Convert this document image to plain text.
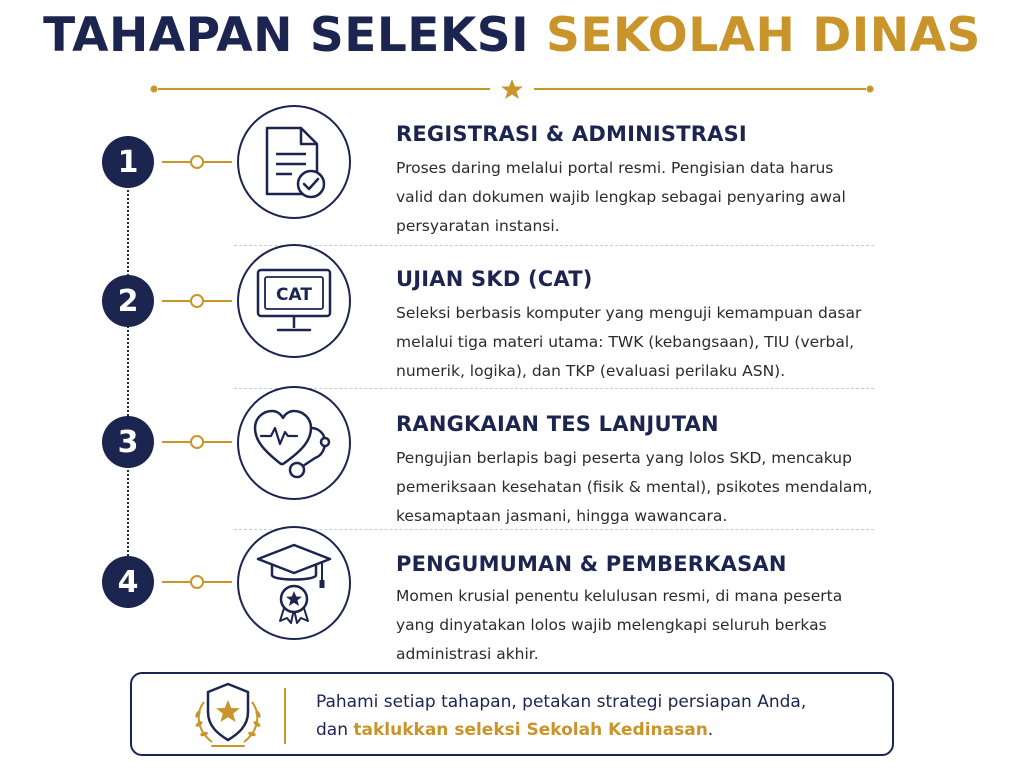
TAHAPAN SELEKSI SEKOLAH DINAS
1
REGISTRASI & ADMINISTRASI
Proses daring melalui portal resmi. Pengisian data harus
valid dan dokumen wajib lengkap sebagai penyaring awal
persyaratan instansi.
2	CAT
UJIAN SKD (CAT)
Seleksi berbasis komputer yang menguji kemampuan dasar
melalui tiga materi utama: TWK (kebangsaan), TIU (verbal,
numerik, logika), dan TKP (evaluasi perilaku ASN).
3
RANGKAIAN TES LANJUTAN
Pengujian berlapis bagi peserta yang lolos SKD, mencakup
pemeriksaan kesehatan (fisik & mental), psikotes mendalam,
kesamaptaan jasmani, hingga wawancara.
4
PENGUMUMAN & PEMBERKASAN
Momen krusial penentu kelulusan resmi, di mana peserta
yang dinyatakan lolos wajib melengkapi seluruh berkas
administrasi akhir.
Pahami setiap tahapan, petakan strategi persiapan Anda,
dan taklukkan seleksi Sekolah Kedinasan.
